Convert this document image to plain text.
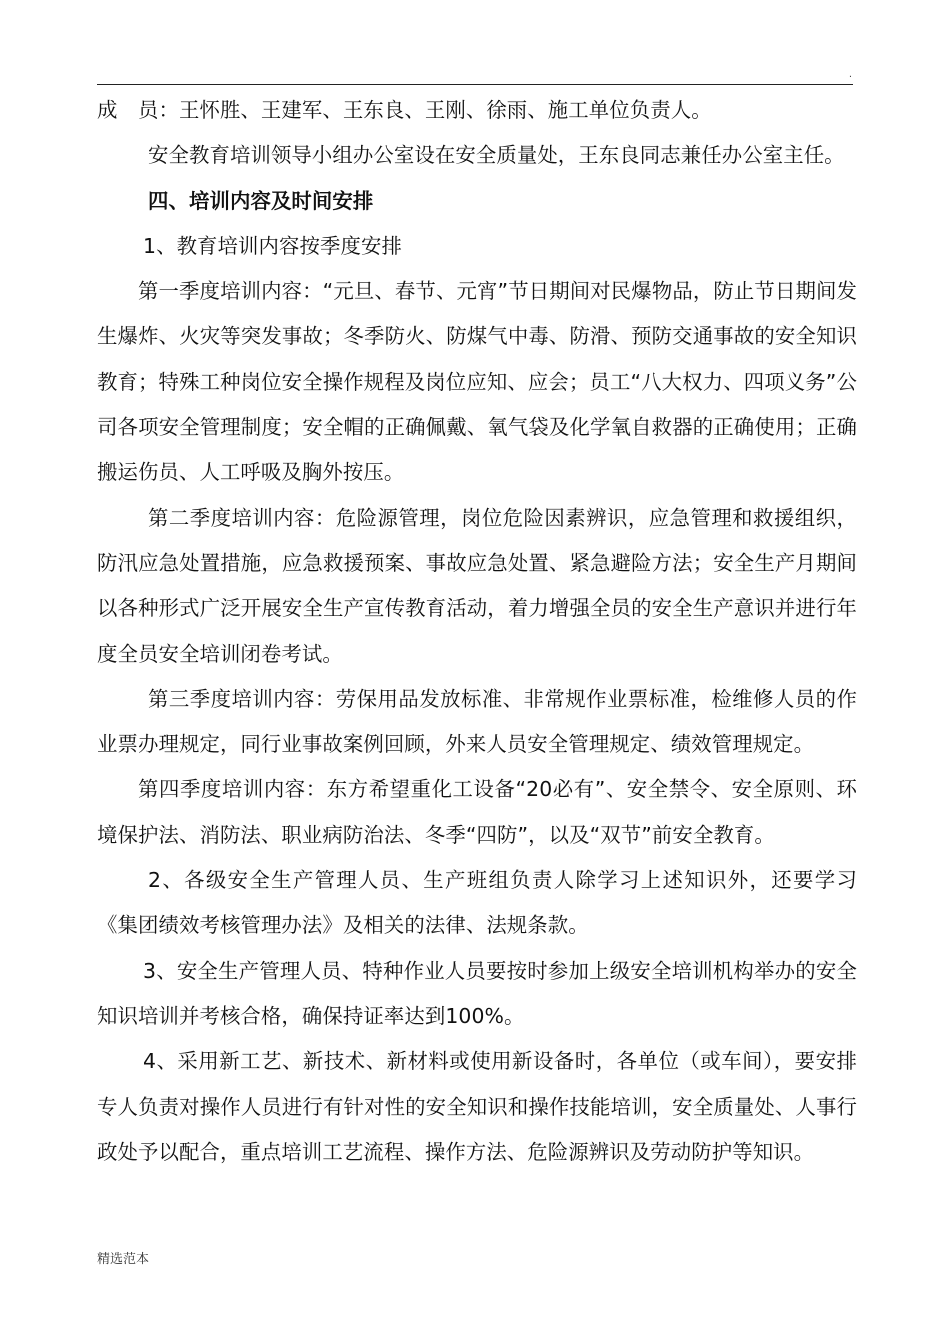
.

成　员：王怀胜、王建军、王东良、王刚、徐雨、施工单位负责人。

安全教育培训领导小组办公室设在安全质量处，王东良同志兼任办公室主任。

四、培训内容及时间安排

1、教育培训内容按季度安排

第一季度培训内容：“元旦、春节、元宵”节日期间对民爆物品，防止节日期间发生爆炸、火灾等突发事故；冬季防火、防煤气中毒、防滑、预防交通事故的安全知识教育；特殊工种岗位安全操作规程及岗位应知、应会；员工“八大权力、四项义务”公司各项安全管理制度；安全帽的正确佩戴、氧气袋及化学氧自救器的正确使用；正确搬运伤员、人工呼吸及胸外按压。

第二季度培训内容：危险源管理，岗位危险因素辨识，应急管理和救援组织，防汛应急处置措施，应急救援预案、事故应急处置、紧急避险方法；安全生产月期间以各种形式广泛开展安全生产宣传教育活动，着力增强全员的安全生产意识并进行年度全员安全培训闭卷考试。

第三季度培训内容：劳保用品发放标准、非常规作业票标准，检维修人员的作业票办理规定，同行业事故案例回顾，外来人员安全管理规定、绩效管理规定。

第四季度培训内容：东方希望重化工设备“20必有”、安全禁令、安全原则、环境保护法、消防法、职业病防治法、冬季“四防”，以及“双节”前安全教育。

2、各级安全生产管理人员、生产班组负责人除学习上述知识外，还要学习《集团绩效考核管理办法》及相关的法律、法规条款。

3、安全生产管理人员、特种作业人员要按时参加上级安全培训机构举办的安全知识培训并考核合格，确保持证率达到100%。

4、采用新工艺、新技术、新材料或使用新设备时，各单位（或车间），要安排专人负责对操作人员进行有针对性的安全知识和操作技能培训，安全质量处、人事行政处予以配合，重点培训工艺流程、操作方法、危险源辨识及劳动防护等知识。

精选范本
